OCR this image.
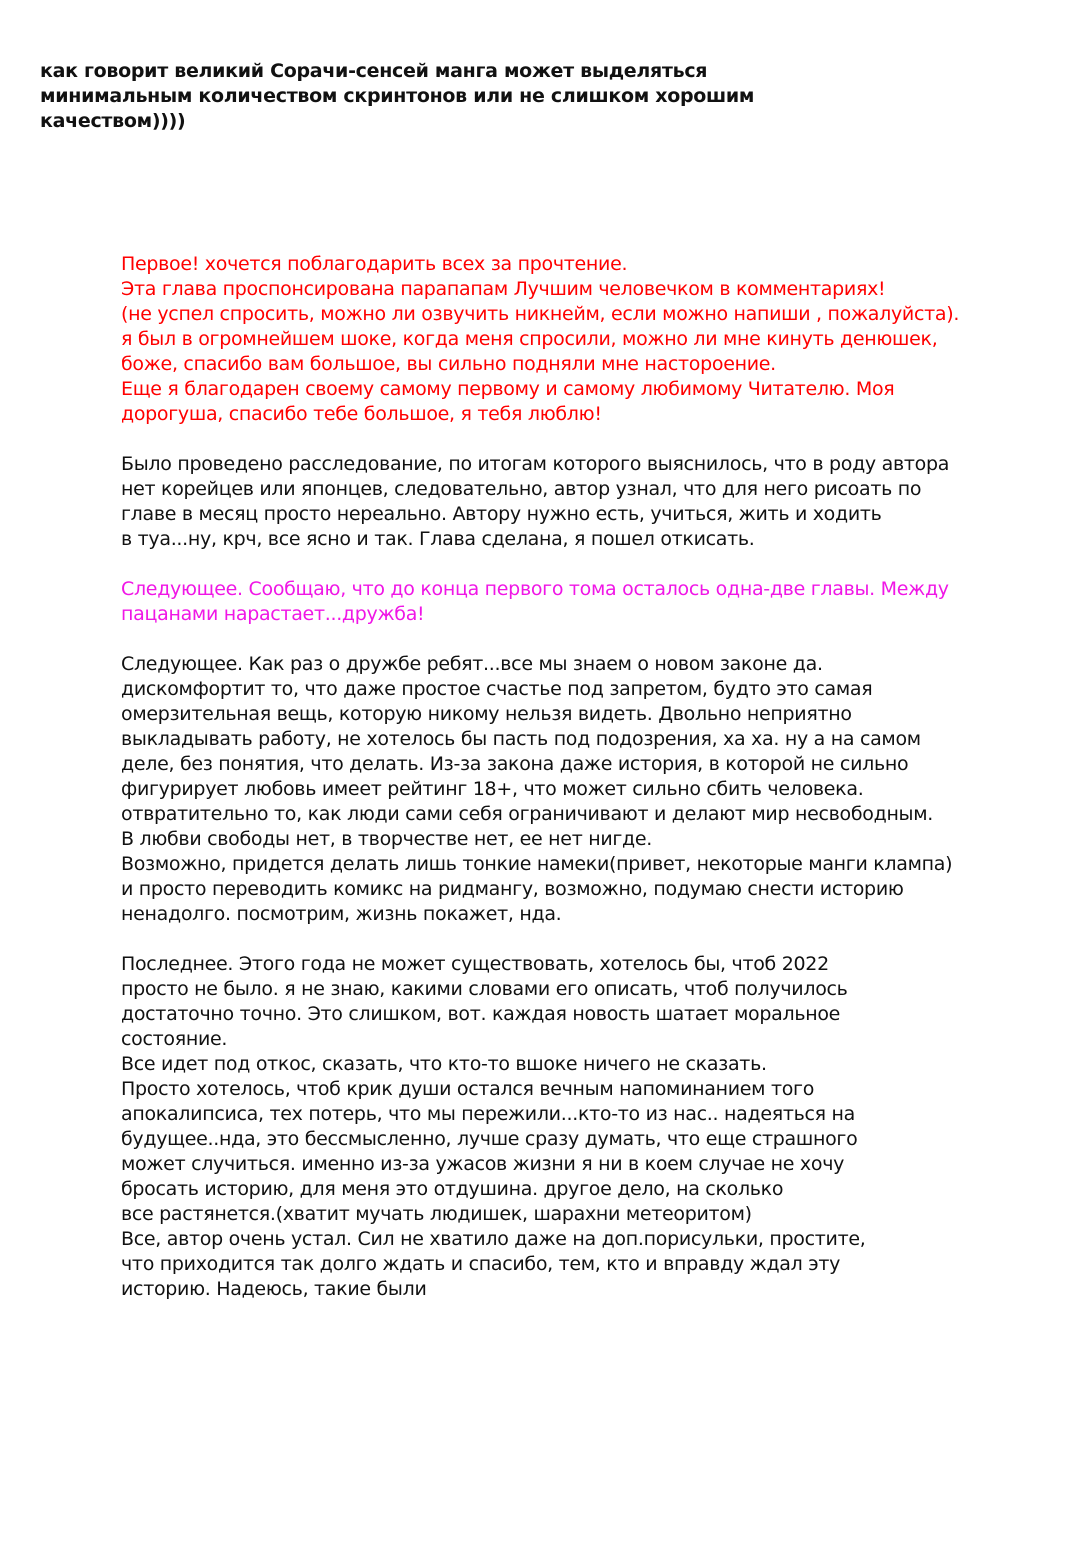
как говорит великий Сорачи-сенсей манга может выделяться
минимальным количеством скринтонов или не слишком хорошим
качеством))))
Первое! хочется поблагодарить всех за прочтение.
Эта глава проспонсирована парапапам Лучшим человечком в комментариях!
(не успел спросить, можно ли озвучить никнейм, если можно напиши , пожалуйста).
я был в огромнейшем шоке, когда меня спросили, можно ли мне кинуть денюшек,
боже, спасибо вам большое, вы сильно подняли мне настороение.
Еще я благодарен своему самому первому и самому любимому Читателю. Моя
дорогуша, спасибо тебе большое, я тебя люблю!
Было проведено расследование, по итогам которого выяснилось, что в роду автора
нет корейцев или японцев, следовательно, автор узнал, что для него рисоать по
главе в месяц просто нереально. Автору нужно есть, учиться, жить и ходить
в туа...ну, крч, все ясно и так. Глава сделана, я пошел откисать.
Следующее. Сообщаю, что до конца первого тома осталось одна-две главы. Между
пацанами нарастает...дружба!
Следующее. Как раз о дружбе ребят...все мы знаем о новом законе да.
дискомфортит то, что даже простое счастье под запретом, будто это самая
омерзительная вещь, которую никому нельзя видеть. Двольно неприятно
выкладывать работу, не хотелось бы пасть под подозрения, ха ха. ну а на самом
деле, без понятия, что делать. Из-за закона даже история, в которой не сильно
фигурирует любовь имеет рейтинг 18+, что может сильно сбить человека.
отвратительно то, как люди сами себя ограничивают и делают мир несвободным.
В любви свободы нет, в творчестве нет, ее нет нигде.
Возможно, придется делать лишь тонкие намеки(привет, некоторые манги клампа)
и просто переводить комикс на ридмангу, возможно, подумаю снести историю
ненадолго. посмотрим, жизнь покажет, нда.
Последнее. Этого года не может существовать, хотелось бы, чтоб 2022
просто не было. я не знаю, какими словами его описать, чтоб получилось
достаточно точно. Это слишком, вот. каждая новость шатает моральное
состояние.
Все идет под откос, сказать, что кто-то вшоке ничего не сказать.
Просто хотелось, чтоб крик души остался вечным напоминанием того
апокалипсиса, тех потерь, что мы пережили...кто-то из нас.. надеяться на
будущее..нда, это бессмысленно, лучше сразу думать, что еще страшного
может случиться. именно из-за ужасов жизни я ни в коем случае не хочу
бросать историю, для меня это отдушина. другое дело, на сколько
все растянется.(хватит мучать людишек, шарахни метеоритом)
Все, автор очень устал. Сил не хватило даже на доп.порисульки, простите,
что приходится так долго ждать и спасибо, тем, кто и вправду ждал эту
историю. Надеюсь, такие были
